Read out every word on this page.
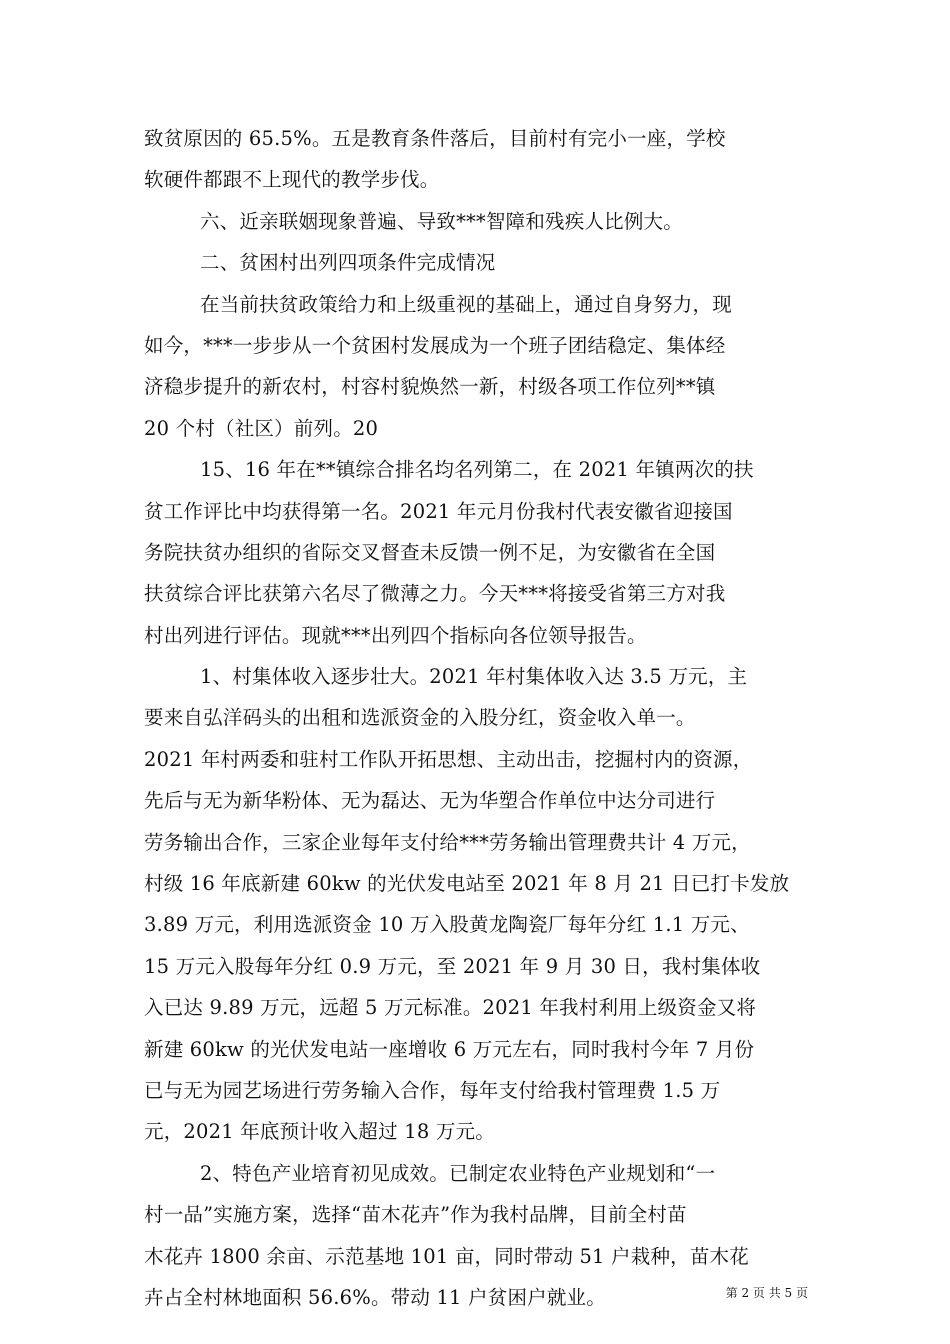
致贫原因的 65.5%。五是教育条件落后，目前村有完小一座，学校
软硬件都跟不上现代的教学步伐。
六、近亲联姻现象普遍、导致***智障和残疾人比例大。
二、贫困村出列四项条件完成情况
在当前扶贫政策给力和上级重视的基础上，通过自身努力，现
如今，***一步步从一个贫困村发展成为一个班子团结稳定、集体经
济稳步提升的新农村，村容村貌焕然一新，村级各项工作位列**镇
20 个村（社区）前列。20
15、16 年在**镇综合排名均名列第二，在 2021 年镇两次的扶
贫工作评比中均获得第一名。2021 年元月份我村代表安徽省迎接国
务院扶贫办组织的省际交叉督查未反馈一例不足，为安徽省在全国
扶贫综合评比获第六名尽了微薄之力。今天***将接受省第三方对我
村出列进行评估。现就***出列四个指标向各位领导报告。
1、村集体收入逐步壮大。2021 年村集体收入达 3.5 万元，主
要来自弘洋码头的出租和选派资金的入股分红，资金收入单一。
2021 年村两委和驻村工作队开拓思想、主动出击，挖掘村内的资源，
先后与无为新华粉体、无为磊达、无为华塑合作单位中达分司进行
劳务输出合作，三家企业每年支付给***劳务输出管理费共计 4 万元，
村级 16 年底新建 60kw 的光伏发电站至 2021 年 8 月 21 日已打卡发放
3.89 万元，利用选派资金 10 万入股黄龙陶瓷厂每年分红 1.1 万元、
15 万元入股每年分红 0.9 万元，至 2021 年 9 月 30 日，我村集体收
入已达 9.89 万元，远超 5 万元标准。2021 年我村利用上级资金又将
新建 60kw 的光伏发电站一座增收 6 万元左右，同时我村今年 7 月份
已与无为园艺场进行劳务输入合作，每年支付给我村管理费 1.5 万
元，2021 年底预计收入超过 18 万元。
2、特色产业培育初见成效。已制定农业特色产业规划和“一
村一品”实施方案，选择“苗木花卉”作为我村品牌，目前全村苗
木花卉 1800 余亩、示范基地 101 亩，同时带动 51 户栽种，苗木花
卉占全村林地面积 56.6%。带动 11 户贫困户就业。	第 2 页 共 5 页
